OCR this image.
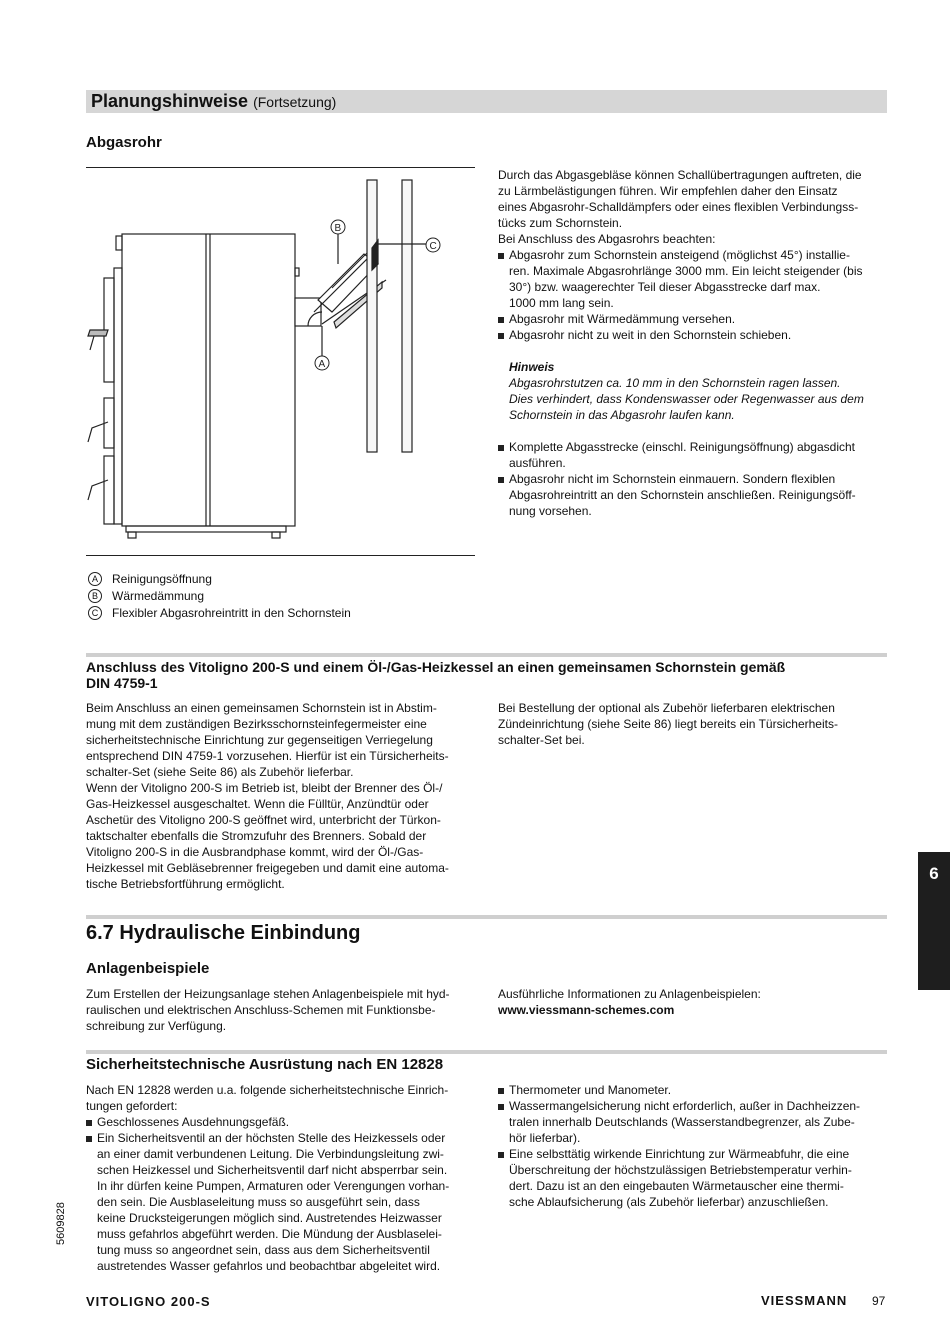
Planungshinweise (Fortsetzung)
Abgasrohr
B
A
C
A	Reinigungsöffnung
B	Wärmedämmung
C	Flexibler Abgasrohreintritt in den Schornstein

Durch das Abgasgebläse können Schallübertragungen auftreten, die
zu Lärmbelästigungen führen. Wir empfehlen daher den Einsatz
eines Abgasrohr-Schalldämpfers oder eines flexiblen Verbindungss-
tücks zum Schornstein.
Bei Anschluss des Abgasrohrs beachten:

Abgasrohr zum Schornstein ansteigend (möglichst 45°) installie-
ren. Maximale Abgasrohrlänge 3000 mm. Ein leicht steigender (bis
30°) bzw. waagerechter Teil dieser Abgasstrecke darf max.
1000 mm lang sein.
Abgasrohr mit Wärmedämmung versehen.
Abgasrohr nicht zu weit in den Schornstein schieben.
Hinweis
Abgasrohrstutzen ca. 10 mm in den Schornstein ragen lassen.
Dies verhindert, dass Kondenswasser oder Regenwasser aus dem
Schornstein in das Abgasrohr laufen kann.
Komplette Abgasstrecke (einschl. Reinigungsöffnung) abgasdicht
ausführen.
Abgasrohr nicht im Schornstein einmauern. Sondern flexiblen
Abgasrohreintritt an den Schornstein anschließen. Reinigungsöff-
nung vorsehen.
Anschluss des Vitoligno 200-S und einem Öl-/Gas-Heizkessel an einen gemeinsamen Schornstein gemäß
DIN 4759-1
Beim Anschluss an einen gemeinsamen Schornstein ist in Abstim-
mung mit dem zuständigen Bezirksschornsteinfegermeister eine
sicherheitstechnische Einrichtung zur gegenseitigen Verriegelung
entsprechend DIN 4759-1 vorzusehen. Hierfür ist ein Türsicherheits-
schalter-Set (siehe Seite 86) als Zubehör lieferbar.
Wenn der Vitoligno 200-S im Betrieb ist, bleibt der Brenner des Öl-/
Gas-Heizkessel ausgeschaltet. Wenn die Fülltür, Anzündtür oder
Aschetür des Vitoligno 200-S geöffnet wird, unterbricht der Türkon-
taktschalter ebenfalls die Stromzufuhr des Brenners. Sobald der
Vitoligno 200-S in die Ausbrandphase kommt, wird der Öl-/Gas-
Heizkessel mit Gebläsebrenner freigegeben und damit eine automa-
tische Betriebsfortführung ermöglicht.
Bei Bestellung der optional als Zubehör lieferbaren elektrischen
Zündeinrichtung (siehe Seite 86) liegt bereits ein Türsicherheits-
schalter-Set bei.
6.7 Hydraulische Einbindung
Anlagenbeispiele
Zum Erstellen der Heizungsanlage stehen Anlagenbeispiele mit hyd-
raulischen und elektrischen Anschluss-Schemen mit Funktionsbe-
schreibung zur Verfügung.
Ausführliche Informationen zu Anlagenbeispielen:
www.viessmann-schemes.com
Sicherheitstechnische Ausrüstung nach EN 12828

Nach EN 12828 werden u.a. folgende sicherheitstechnische Einrich-
tungen gefordert:

Geschlossenes Ausdehnungsgefäß.
Ein Sicherheitsventil an der höchsten Stelle des Heizkessels oder
an einer damit verbundenen Leitung. Die Verbindungsleitung zwi-
schen Heizkessel und Sicherheitsventil darf nicht absperrbar sein.
In ihr dürfen keine Pumpen, Armaturen oder Verengungen vorhan-
den sein. Die Ausblaseleitung muss so ausgeführt sein, dass
keine Drucksteigerungen möglich sind. Austretendes Heizwasser
muss gefahrlos abgeführt werden. Die Mündung der Ausblaselei-
tung muss so angeordnet sein, dass aus dem Sicherheitsventil
austretendes Wasser gefahrlos und beobachtbar abgeleitet wird.
Thermometer und Manometer.
Wassermangelsicherung nicht erforderlich, außer in Dachheizzen-
tralen innerhalb Deutschlands (Wasserstandbegrenzer, als Zube-
hör lieferbar).
Eine selbsttätig wirkende Einrichtung zur Wärmeabfuhr, die eine
Überschreitung der höchstzulässigen Betriebstemperatur verhin-
dert. Dazu ist an den eingebauten Wärmetauscher eine thermi-
sche Ablaufsicherung (als Zubehör lieferbar) anzuschließen.
6
5609828
VITOLIGNO 200-S	VIESSMANN 97
